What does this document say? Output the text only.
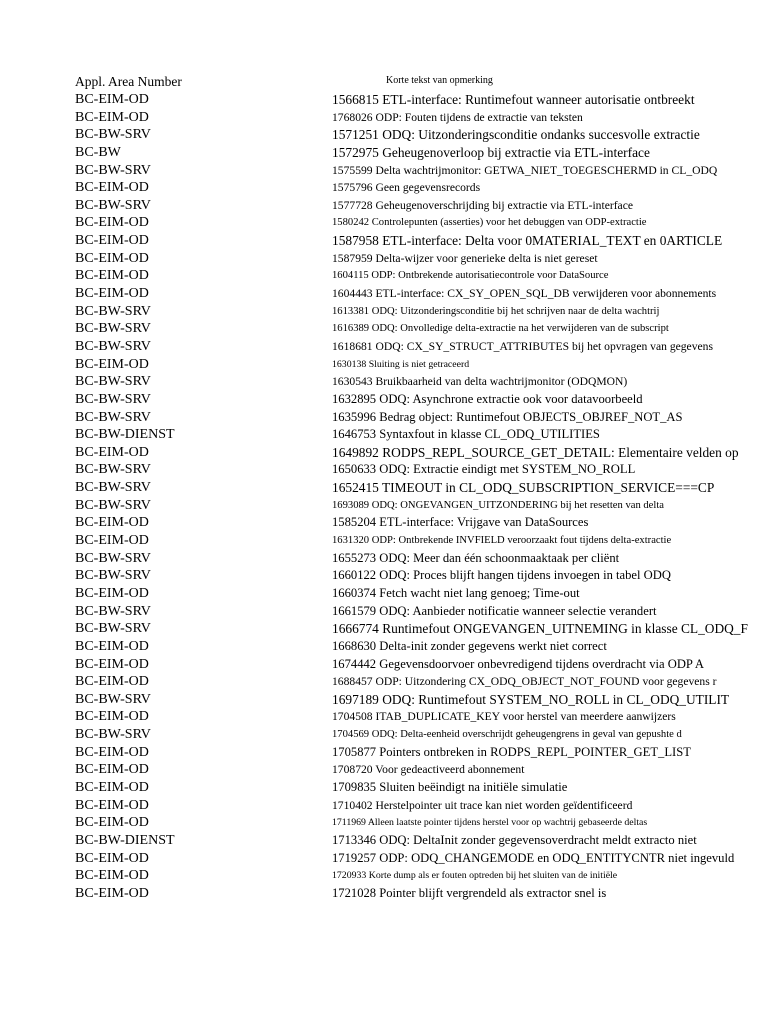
Appl. Area Number	Korte tekst van opmerking
BC-EIM-OD	1566815 ETL-interface: Runtimefout wanneer autorisatie ontbreekt
BC-EIM-OD	1768026 ODP: Fouten tijdens de extractie van teksten
BC-BW-SRV	1571251 ODQ: Uitzonderingsconditie ondanks succesvolle extractie
BC-BW	1572975 Geheugenoverloop bij extractie via ETL-interface
BC-BW-SRV	1575599 Delta wachtrijmonitor: GETWA_NIET_TOEGESCHERMD in CL_ODQ
BC-EIM-OD	1575796 Geen gegevensrecords
BC-BW-SRV	1577728 Geheugenoverschrijding bij extractie via ETL-interface
BC-EIM-OD	1580242 Controlepunten (asserties) voor het debuggen van ODP-extractie
BC-EIM-OD	1587958 ETL-interface: Delta voor 0MATERIAL_TEXT en 0ARTICLE
BC-EIM-OD	1587959 Delta-wijzer voor generieke delta is niet gereset
BC-EIM-OD	1604115 ODP: Ontbrekende autorisatiecontrole voor DataSource
BC-EIM-OD	1604443 ETL-interface: CX_SY_OPEN_SQL_DB verwijderen voor abonnements
BC-BW-SRV	1613381 ODQ: Uitzonderingsconditie bij het schrijven naar de delta wachtrij
BC-BW-SRV	1616389 ODQ: Onvolledige delta-extractie na het verwijderen van de subscript
BC-BW-SRV	1618681 ODQ: CX_SY_STRUCT_ATTRIBUTES bij het opvragen van gegevens
BC-EIM-OD	1630138 Sluiting is niet getraceerd
BC-BW-SRV	1630543 Bruikbaarheid van delta wachtrijmonitor (ODQMON)
BC-BW-SRV	1632895 ODQ: Asynchrone extractie ook voor datavoorbeeld
BC-BW-SRV	1635996 Bedrag object: Runtimefout OBJECTS_OBJREF_NOT_AS
BC-BW-DIENST	1646753 Syntaxfout in klasse CL_ODQ_UTILITIES
BC-EIM-OD	1649892 RODPS_REPL_SOURCE_GET_DETAIL: Elementaire velden op
BC-BW-SRV	1650633 ODQ: Extractie eindigt met SYSTEM_NO_ROLL
BC-BW-SRV	1652415 TIMEOUT in CL_ODQ_SUBSCRIPTION_SERVICE===CP
BC-BW-SRV	1693089 ODQ: ONGEVANGEN_UITZONDERING bij het resetten van delta
BC-EIM-OD	1585204 ETL-interface: Vrijgave van DataSources
BC-EIM-OD	1631320 ODP: Ontbrekende INVFIELD veroorzaakt fout tijdens delta-extractie
BC-BW-SRV	1655273 ODQ: Meer dan één schoonmaaktaak per cliënt
BC-BW-SRV	1660122 ODQ: Proces blijft hangen tijdens invoegen in tabel ODQ
BC-EIM-OD	1660374 Fetch wacht niet lang genoeg; Time-out
BC-BW-SRV	1661579 ODQ: Aanbieder notificatie wanneer selectie verandert
BC-BW-SRV	1666774 Runtimefout ONGEVANGEN_UITNEMING in klasse CL_ODQ_F
BC-EIM-OD	1668630 Delta-init zonder gegevens werkt niet correct
BC-EIM-OD	1674442 Gegevensdoorvoer onbevredigend tijdens overdracht via ODP A
BC-EIM-OD	1688457 ODP: Uitzondering CX_ODQ_OBJECT_NOT_FOUND voor gegevens r
BC-BW-SRV	1697189 ODQ: Runtimefout SYSTEM_NO_ROLL in CL_ODQ_UTILIT
BC-EIM-OD	1704508 ITAB_DUPLICATE_KEY voor herstel van meerdere aanwijzers
BC-BW-SRV	1704569 ODQ: Delta-eenheid overschrijdt geheugengrens in geval van gepushte d
BC-EIM-OD	1705877 Pointers ontbreken in RODPS_REPL_POINTER_GET_LIST
BC-EIM-OD	1708720 Voor gedeactiveerd abonnement
BC-EIM-OD	1709835 Sluiten beëindigt na initiële simulatie
BC-EIM-OD	1710402 Herstelpointer uit trace kan niet worden geïdentificeerd
BC-EIM-OD	1711969 Alleen laatste pointer tijdens herstel voor op wachtrij gebaseerde deltas
BC-BW-DIENST	1713346 ODQ: DeltaInit zonder gegevensoverdracht meldt extracto niet
BC-EIM-OD	1719257 ODP: ODQ_CHANGEMODE en ODQ_ENTITYCNTR niet ingevuld
BC-EIM-OD	1720933 Korte dump als er fouten optreden bij het sluiten van de initiële
BC-EIM-OD	1721028 Pointer blijft vergrendeld als extractor snel is
